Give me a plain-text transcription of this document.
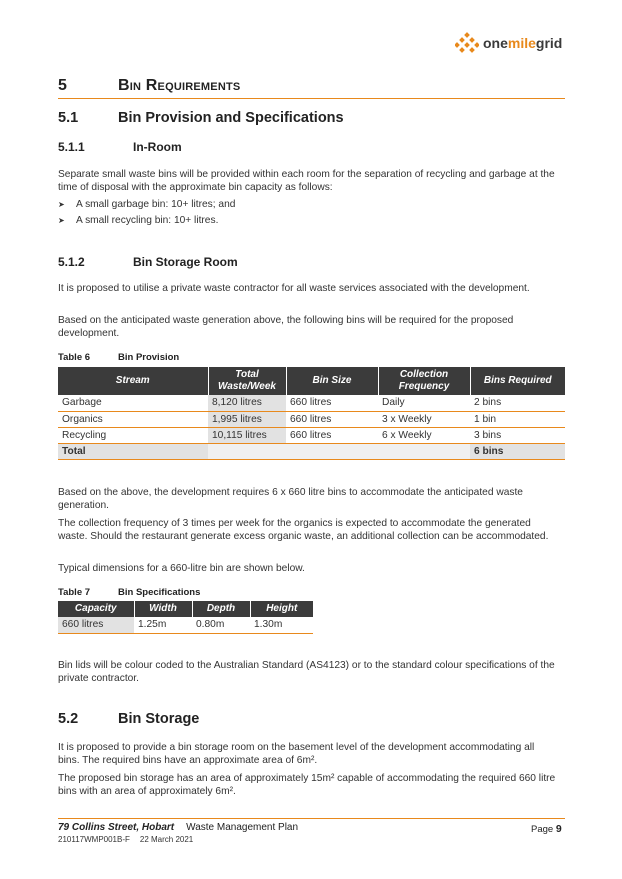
onemilegrid
5	Bin Requirements
5.1	Bin Provision and Specifications
5.1.1	In-Room

Separate small waste bins will be provided within each room for the separation of recycling and garbage at the time of disposal with the approximate bin capacity as follows:

➤	A small garbage bin: 10+ litres; and
➤	A small recycling bin: 10+ litres.
5.1.2	Bin Storage Room

It is proposed to utilise a private waste contractor for all waste services associated with the development.

Based on the anticipated waste generation above, the following bins will be required for the proposed development.

Table 6	Bin Provision
Stream	Total Waste/Week	Bin Size	Collection Frequency	Bins Required
Garbage	8,120 litres	660 litres	Daily	2 bins
Organics	1,995 litres	660 litres	3 x Weekly	1 bin
Recycling	10,115 litres	660 litres	6 x Weekly	3 bins
Total				6 bins

Based on the above, the development requires 6 x 660 litre bins to accommodate the anticipated waste generation.

The collection frequency of 3 times per week for the organics is expected to accommodate the generated waste. Should the restaurant generate excess organic waste, an additional collection can be accommodated.

Typical dimensions for a 660-litre bin are shown below.

Table 7	Bin Specifications
Capacity	Width	Depth	Height
660 litres	1.25m	0.80m	1.30m

Bin lids will be colour coded to the Australian Standard (AS4123) or to the standard colour specifications of the private contractor.

5.2	Bin Storage

It is proposed to provide a bin storage room on the basement level of the development accommodating all bins. The required bins have an approximate area of 6m².

The proposed bin storage has an area of approximately 15m² capable of accommodating the required 660 litre bins with an area of approximately 6m².

79 Collins Street, Hobart Waste Management Plan
210117WMP001B-F 22 March 2021
Page 9
